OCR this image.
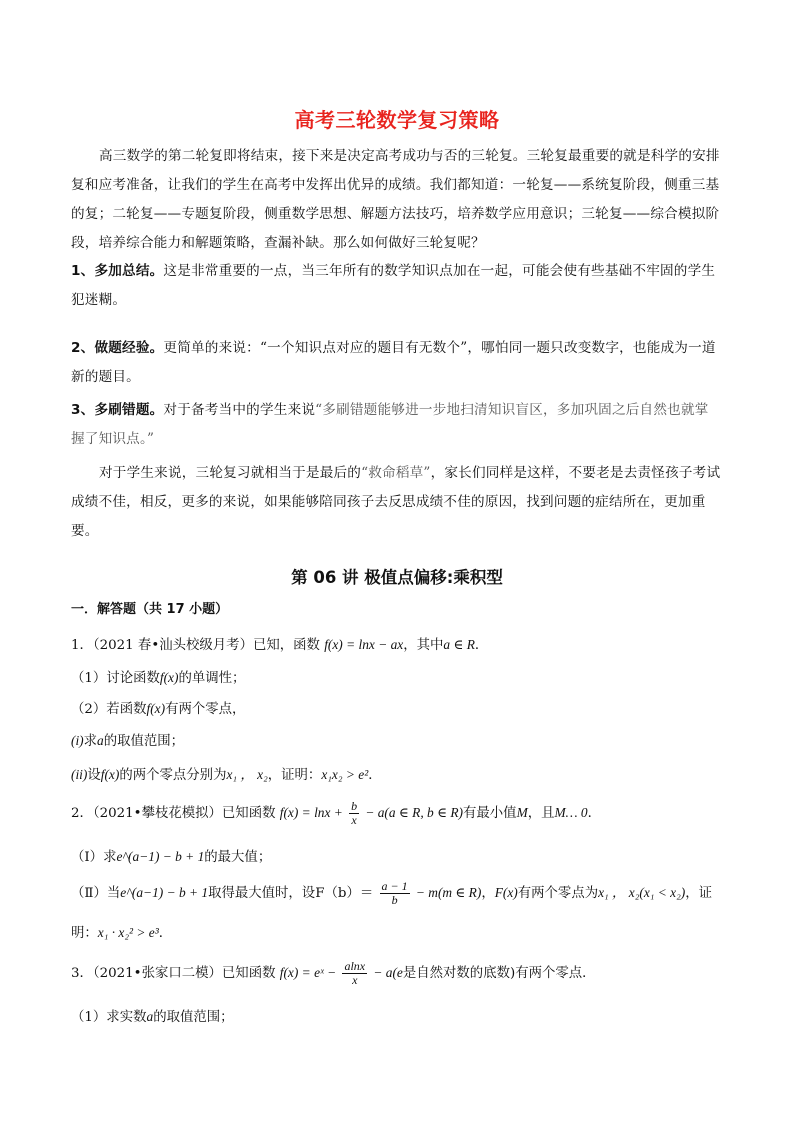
高考三轮数学复习策略
高三数学的第二轮复即将结束，接下来是决定高考成功与否的三轮复。三轮复最重要的就是科学的安排复和应考准备，让我们的学生在高考中发挥出优异的成绩。我们都知道：一轮复——系统复阶段，侧重三基的复；二轮复——专题复阶段，侧重数学思想、解题方法技巧，培养数学应用意识；三轮复——综合模拟阶段，培养综合能力和解题策略，查漏补缺。那么如何做好三轮复呢？
1、多加总结。这是非常重要的一点，当三年所有的数学知识点加在一起，可能会使有些基础不牢固的学生犯迷糊。
2、做题经验。更简单的来说：“一个知识点对应的题目有无数个”，哪怕同一题只改变数字，也能成为一道新的题目。
3、多刷错题。对于备考当中的学生来说“多刷错题能够进一步地扫清知识盲区，多加巩固之后自然也就掌握了知识点。”
对于学生来说，三轮复习就相当于是最后的“救命稻草”，家长们同样是这样，不要老是去责怪孩子考试成绩不佳，相反，更多的来说，如果能够陪同孩子去反思成绩不佳的原因，找到问题的症结所在，更加重要。
第 06 讲 极值点偏移:乘积型
一．解答题（共 17 小题）
1．（2021 春•汕头校级月考）已知，函数 f(x) = lnx − ax，其中a ∈ R．
（1）讨论函数f(x)的单调性；
（2）若函数f(x)有两个零点，
(i)求a的取值范围；
(ii)设f(x)的两个零点分别为x₁ ， x₂，证明：x₁x₂ > e²．
2．（2021•攀枝花模拟）已知函数 $f(x) = \ln x + \frac{b}{x} - a(a$ ∈ R, b ∈ R)有最小值M，且M… 0．
（Ⅰ）求e^(a−1) − b + 1的最大值；
（Ⅱ）当e^(a−1) − b + 1取得最大值时，设$F(b)= \frac{a - 1}{b} - m(m$ ∈ R)，F(x)有两个零点为x₁ ， x₂(x₁ < x₂)，证
明：x₁ · x₂² > e³．
3．（2021•张家口二模）已知函数 f(x) = eˣ − $\frac{alnx}{x} - a(e$是自然对数的底数)有两个零点．
（1）求实数a的取值范围；
